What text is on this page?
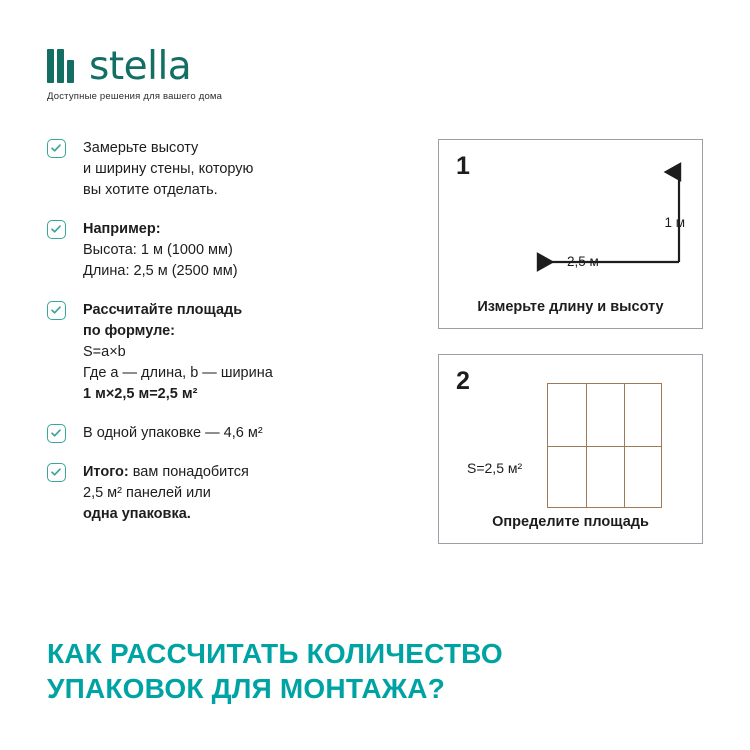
stella
Доступные решения для вашего дома
Замерьте высоту
и ширину стены, которую
вы хотите отделать.
Например:
Высота: 1 м (1000 мм)
Длина: 2,5 м (2500 мм)
Рассчитайте площадь
по формуле:
S=a×b
Где a — длина, b — ширина
1 м×2,5 м=2,5 м²
В одной упаковке — 4,6 м²
Итого: вам понадобится
2,5 м² панелей или
одна упаковка.
1
1 м
2,5 м
Измерьте длину и высоту
2
S=2,5 м²
Определите площадь
КАК РАССЧИТАТЬ КОЛИЧЕСТВО
УПАКОВОК ДЛЯ МОНТАЖА?
